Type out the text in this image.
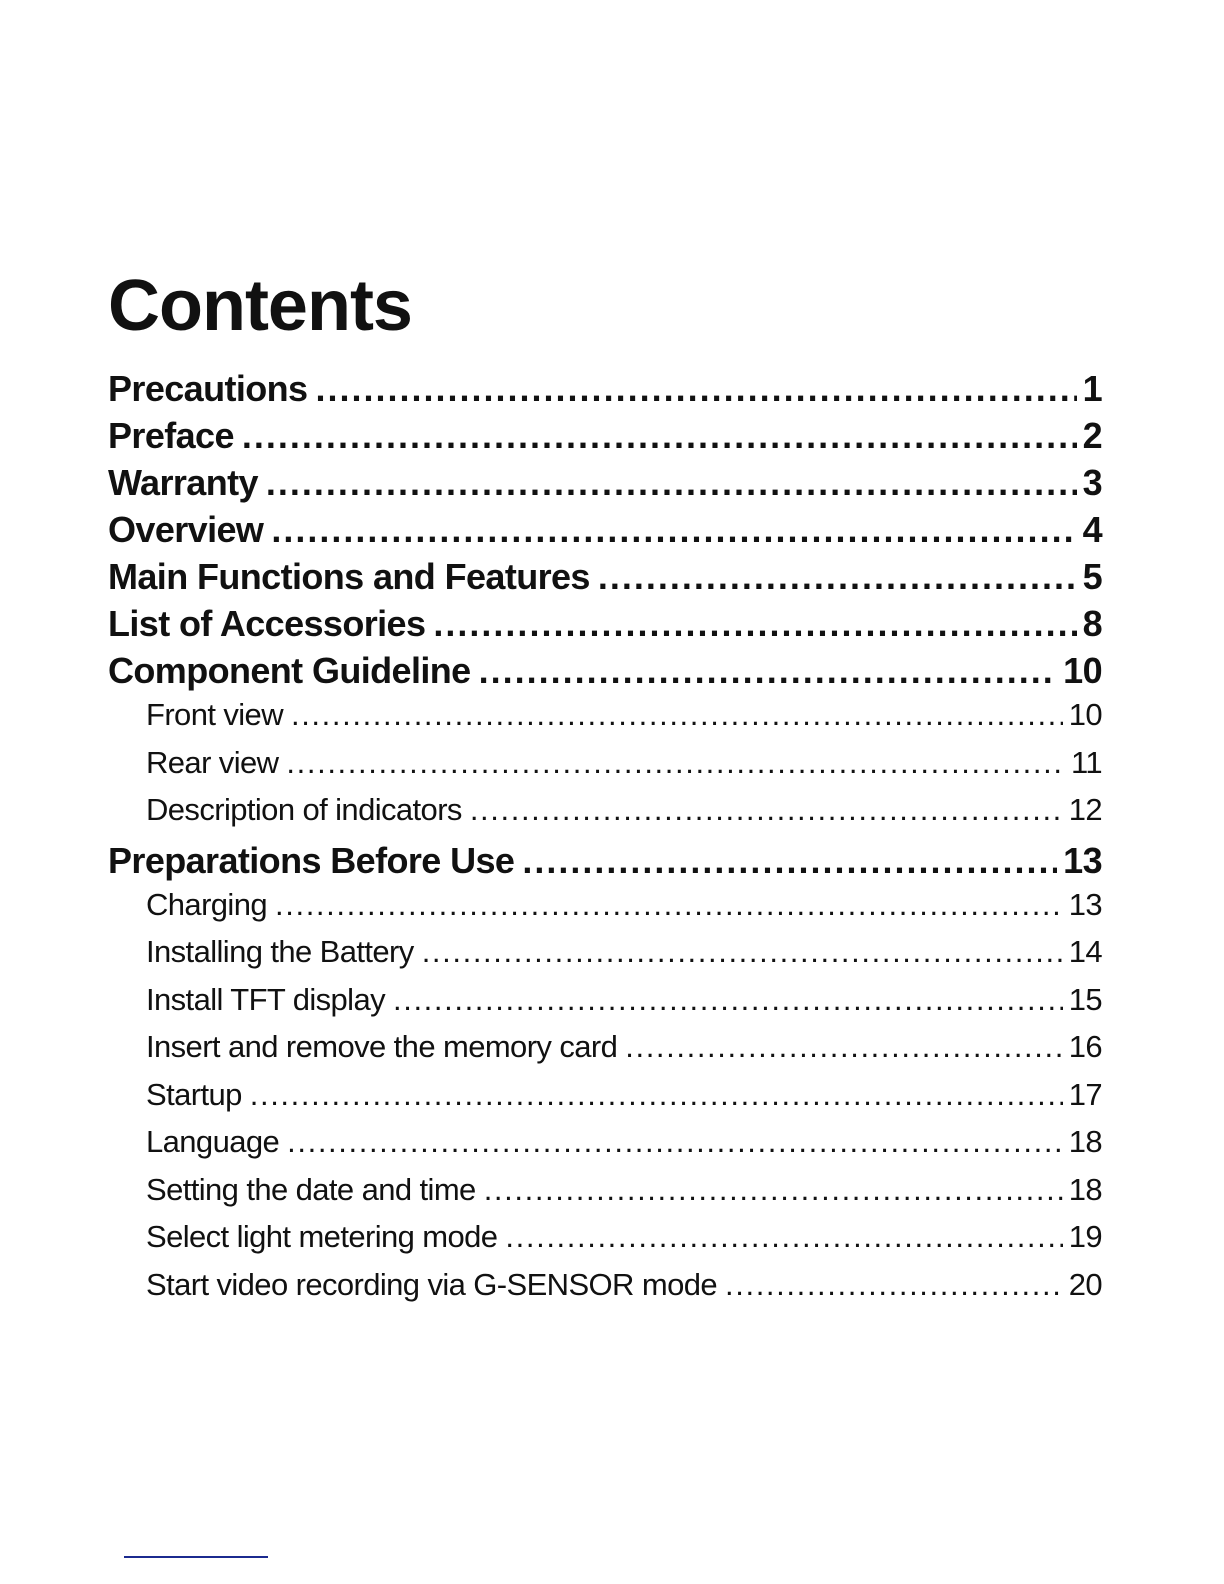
Contents
Precautions . . .	1
Preface . . .	2
Warranty . . .	3
Overview . . .	4
Main Functions and Features . . .	5
List of Accessories . . .	8
Component Guideline . . .	10
Front view . . .	10
Rear view . . .	11
Description of indicators . . .	12
Preparations Before Use . . .	13
Charging . . .	13
Installing the Battery . . .	14
Install TFT display . . .	15
Insert and remove the memory card . . .	16
Startup . . .	17
Language . . .	18
Setting the date and time . . .	18
Select light metering mode . . .	19
Start video recording via G-SENSOR mode . . .	20
